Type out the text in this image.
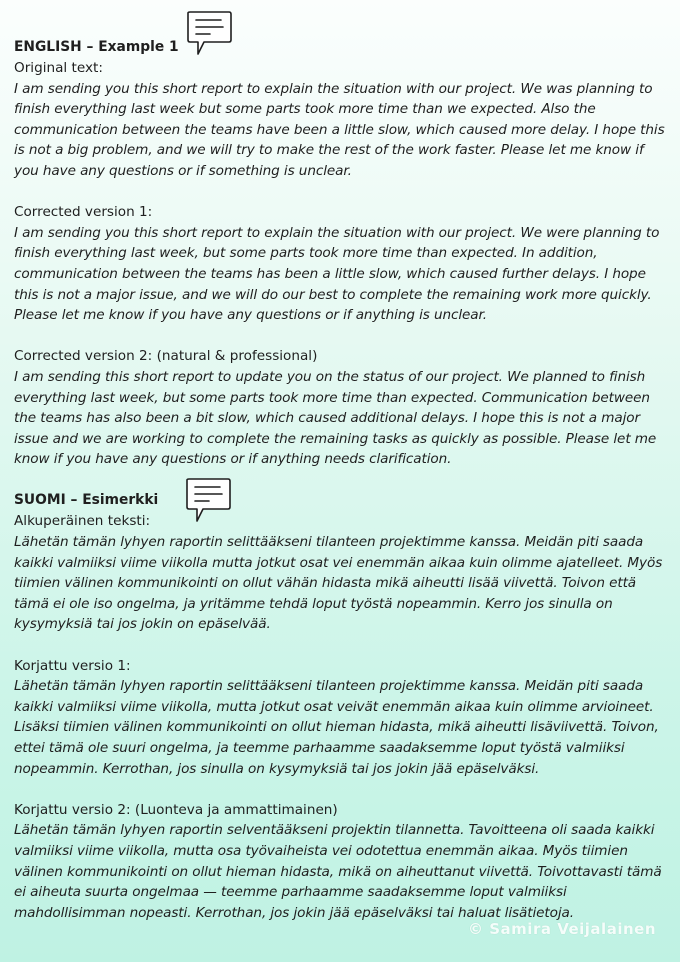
ENGLISH – Example 1
Original text:
I am sending you this short report to explain the situation with our project. We was planning to finish everything last week but some parts took more time than we expected. Also the communication between the teams have been a little slow, which caused more delay. I hope this is not a big problem, and we will try to make the rest of the work faster. Please let me know if you have any questions or if something is unclear.
Corrected version 1:
I am sending you this short report to explain the situation with our project. We were planning to finish everything last week, but some parts took more time than expected. In addition, communication between the teams has been a little slow, which caused further delays. I hope this is not a major issue, and we will do our best to complete the remaining work more quickly. Please let me know if you have any questions or if anything is unclear.
Corrected version 2: (natural & professional)
I am sending this short report to update you on the status of our project. We planned to finish everything last week, but some parts took more time than expected. Communication between the teams has also been a bit slow, which caused additional delays. I hope this is not a major issue and we are working to complete the remaining tasks as quickly as possible. Please let me know if you have any questions or if anything needs clarification.
SUOMI – Esimerkki
Alkuperäinen teksti:
Lähetän tämän lyhyen raportin selittääkseni tilanteen projektimme kanssa. Meidän piti saada kaikki valmiiksi viime viikolla mutta jotkut osat vei enemmän aikaa kuin olimme ajatelleet. Myös tiimien välinen kommunikointi on ollut vähän hidasta mikä aiheutti lisää viivettä. Toivon että tämä ei ole iso ongelma, ja yritämme tehdä loput työstä nopeammin. Kerro jos sinulla on kysymyksiä tai jos jokin on epäselvää.
Korjattu versio 1:
Lähetän tämän lyhyen raportin selittääkseni tilanteen projektimme kanssa. Meidän piti saada kaikki valmiiksi viime viikolla, mutta jotkut osat veivät enemmän aikaa kuin olimme arvioineet. Lisäksi tiimien välinen kommunikointi on ollut hieman hidasta, mikä aiheutti lisäviivettä. Toivon, ettei tämä ole suuri ongelma, ja teemme parhaamme saadaksemme loput työstä valmiiksi nopeammin. Kerrothan, jos sinulla on kysymyksiä tai jos jokin jää epäselväksi.
Korjattu versio 2: (Luonteva ja ammattimainen)
Lähetän tämän lyhyen raportin selventääkseni projektin tilannetta. Tavoitteena oli saada kaikki valmiiksi viime viikolla, mutta osa työvaiheista vei odotettua enemmän aikaa. Myös tiimien välinen kommunikointi on ollut hieman hidasta, mikä on aiheuttanut viivettä. Toivottavasti tämä ei aiheuta suurta ongelmaa — teemme parhaamme saadaksemme loput valmiiksi mahdollisimman nopeasti. Kerrothan, jos jokin jää epäselväksi tai haluat lisätietoja.
© Samira Veijalainen
